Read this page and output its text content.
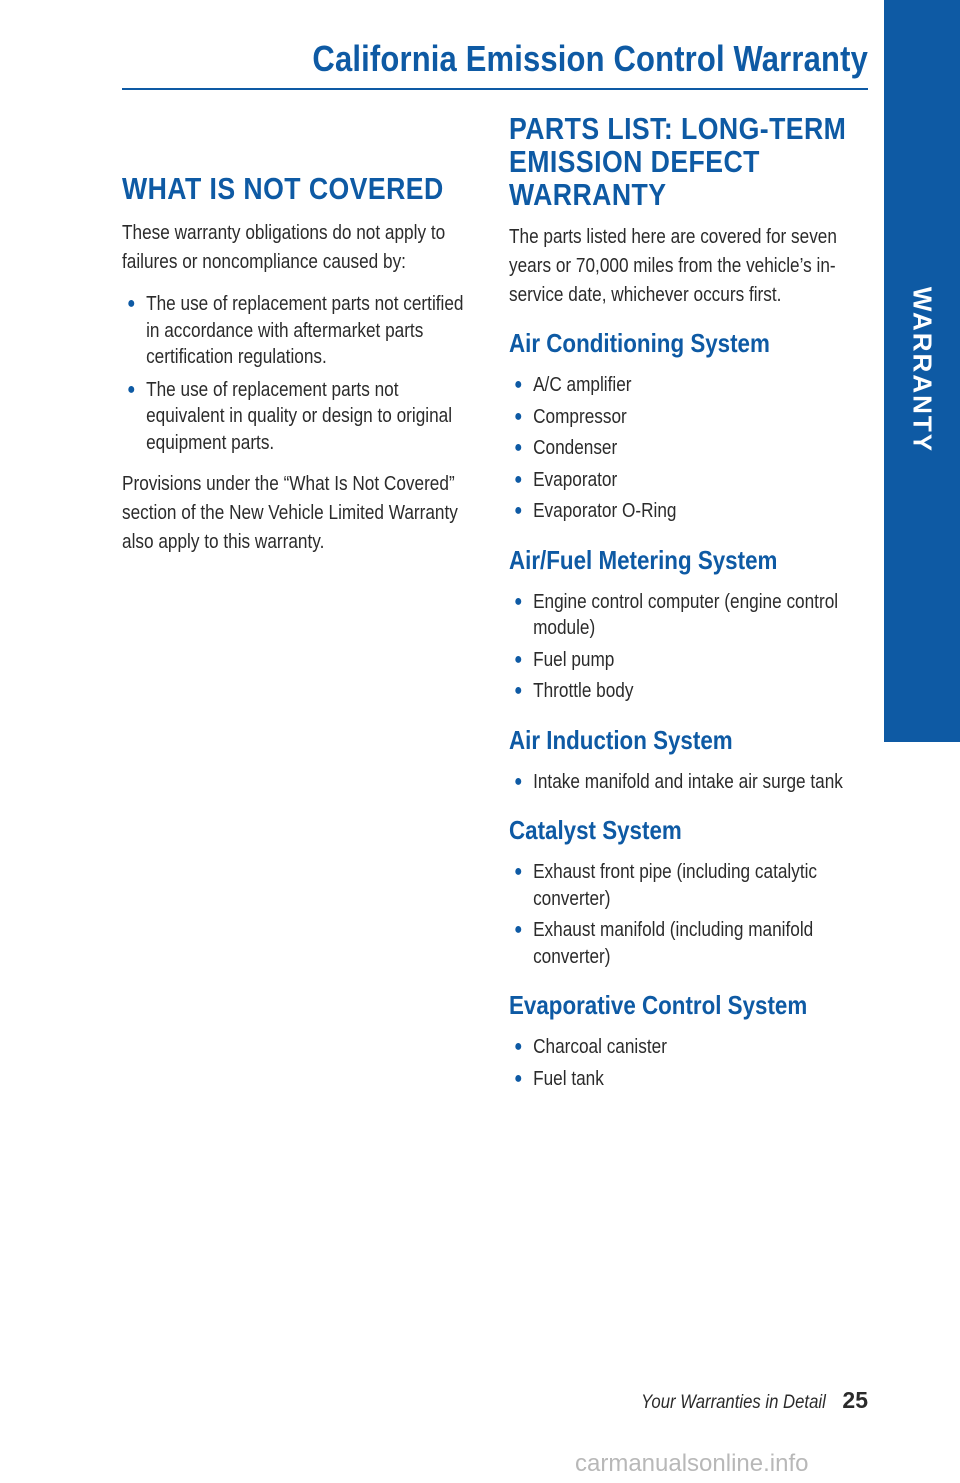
California Emission Control Warranty
WARRANTY
WHAT IS NOT COVERED

These warranty obligations do not apply to failures or noncompliance caused by:

● The use of replacement parts not certified in accordance with aftermarket parts certification regulations.
● The use of replacement parts not equivalent in quality or design to original equipment parts.

Provisions under the “What Is Not Covered” section of the New Vehicle Limited Warranty also apply to this warranty.

PARTS LIST: LONG-TERM EMISSION DEFECT WARRANTY

The parts listed here are covered for seven years or 70,000 miles from the vehicle’s in-service date, whichever occurs first.

Air Conditioning System
● A/C amplifier
● Compressor
● Condenser
● Evaporator
● Evaporator O-Ring
Air/Fuel Metering System
● Engine control computer (engine control module)
● Fuel pump
● Throttle body
Air Induction System
● Intake manifold and intake air surge tank
Catalyst System
● Exhaust front pipe (including catalytic converter)
● Exhaust manifold (including manifold converter)
Evaporative Control System
● Charcoal canister
● Fuel tank
Your Warranties in Detail 25
carmanualsonline.info
